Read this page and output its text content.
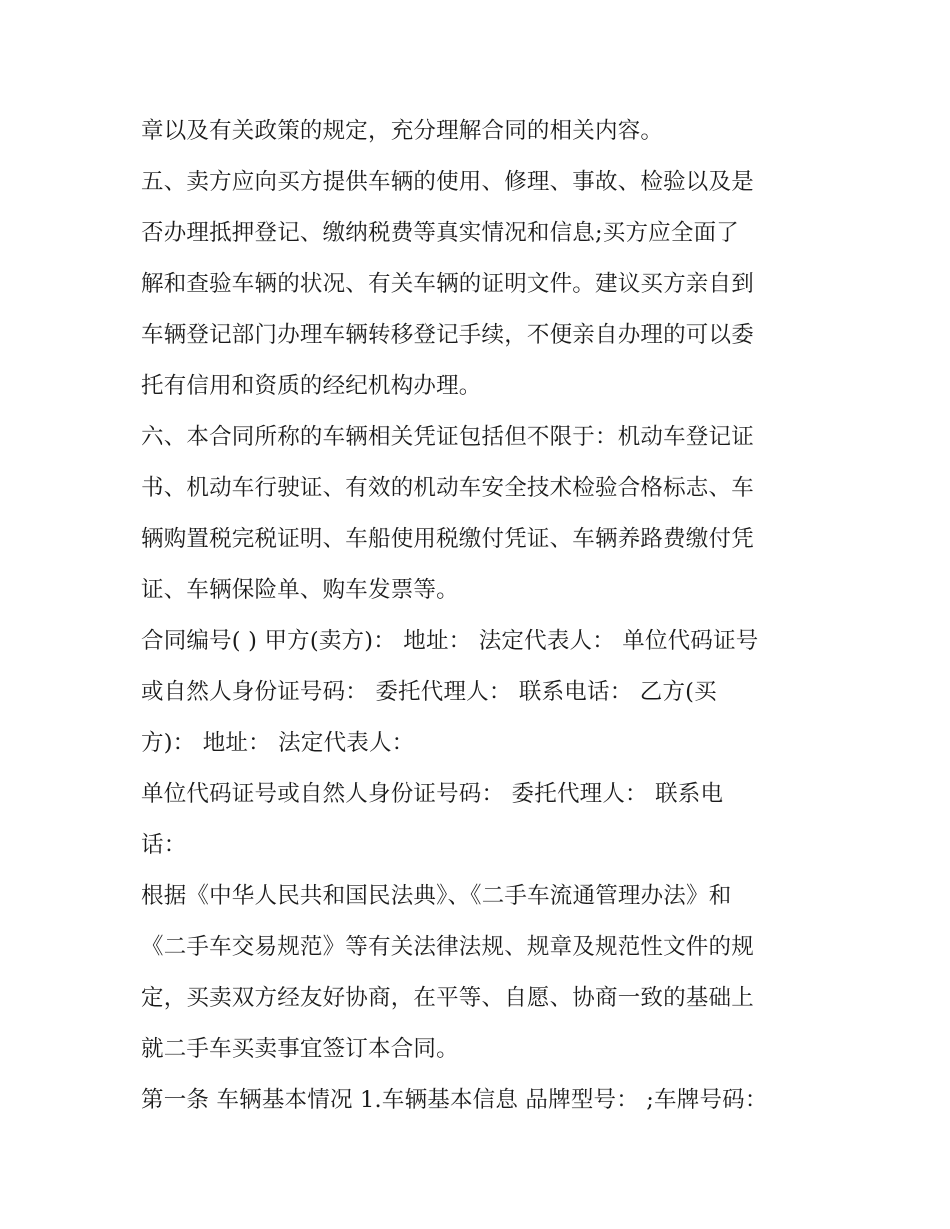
章以及有关政策的规定，充分理解合同的相关内容。
五、卖方应向买方提供车辆的使用、修理、事故、检验以及是
否办理抵押登记、缴纳税费等真实情况和信息;买方应全面了
解和查验车辆的状况、有关车辆的证明文件。建议买方亲自到
车辆登记部门办理车辆转移登记手续，不便亲自办理的可以委
托有信用和资质的经纪机构办理。
六、本合同所称的车辆相关凭证包括但不限于：机动车登记证
书、机动车行驶证、有效的机动车安全技术检验合格标志、车
辆购置税完税证明、车船使用税缴付凭证、车辆养路费缴付凭
证、车辆保险单、购车发票等。
合同编号( ) 甲方(卖方)： 地址： 法定代表人： 单位代码证号
或自然人身份证号码： 委托代理人： 联系电话： 乙方(买
方)： 地址： 法定代表人：
单位代码证号或自然人身份证号码： 委托代理人： 联系电
话：
根据《中华人民共和国民法典》、《二手车流通管理办法》和
《二手车交易规范》等有关法律法规、规章及规范性文件的规
定，买卖双方经友好协商，在平等、自愿、协商一致的基础上
就二手车买卖事宜签订本合同。
第一条 车辆基本情况 1.车辆基本信息 品牌型号： ;车牌号码：
